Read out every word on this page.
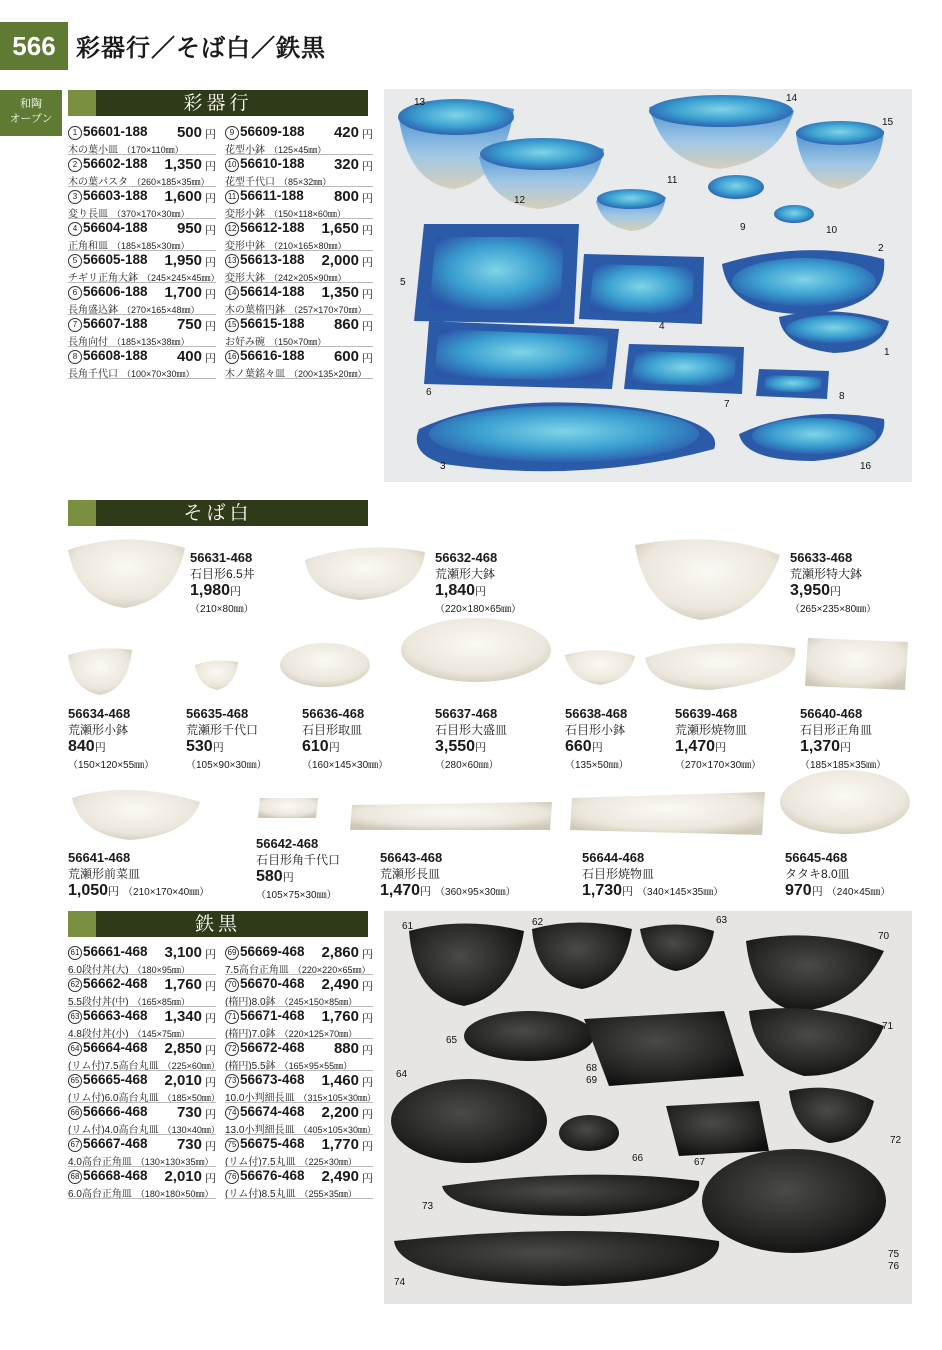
566 彩器行／そば白／鉄黒
和陶
オープン
彩器行
1 56601-188 500 円
木の葉小皿 （170×110㎜）
2 56602-188 1,350 円
木の葉パスタ （260×185×35㎜）
3 56603-188 1,600 円
変り長皿 （370×170×30㎜）
4 56604-188 950 円
正角和皿 （185×185×30㎜）
5 56605-188 1,950 円
チギリ正角大鉢 （245×245×45㎜）
6 56606-188 1,700 円
長角盛込鉢 （270×165×48㎜）
7 56607-188 750 円
長角向付 （185×135×38㎜）
8 56608-188 400 円
長角千代口 （100×70×30㎜）
9 56609-188 420 円
花型小鉢 （125×45㎜）
10 56610-188 320 円
花型千代口 （85×32㎜）
11 56611-188 800 円
変形小鉢 （150×118×60㎜）
12 56612-188 1,650 円
変形中鉢 （210×165×80㎜）
13 56613-188 2,000 円
変形大鉢 （242×205×90㎜）
14 56614-188 1,350 円
木の葉楕円鉢 （257×170×70㎜）
15 56615-188 860 円
お好み碗 （150×70㎜）
16 56616-188 600 円
木ノ葉銘々皿 （200×135×20㎜）
13	14
15
12
11
9	10
5
2
4
1
6
7
8
3	16
そば白
56631-468
石目形6.5丼
1,980円
（210×80㎜）
56632-468
荒瀬形大鉢
1,840円
（220×180×65㎜）
56633-468
荒瀬形特大鉢
3,950円
（265×235×80㎜）
56634-468
荒瀬形小鉢
840円
（150×120×55㎜）
56635-468
荒瀬形千代口
530円
（105×90×30㎜）
56636-468
石目形取皿
610円
（160×145×30㎜）
56637-468
石目形大盛皿
3,550円
（280×60㎜）
56638-468
石目形小鉢
660円
（135×50㎜）
56639-468
荒瀬形焼物皿
1,470円
（270×170×30㎜）
56640-468
石目形正角皿
1,370円
（185×185×35㎜）
56641-468
荒瀬形前菜皿
1,050円 （210×170×40㎜）
56642-468
石目形角千代口
580円
（105×75×30㎜）
56643-468
荒瀬形長皿
1,470円 （360×95×30㎜）
56644-468
石目形焼物皿
1,730円 （340×145×35㎜）
56645-468
タタキ8.0皿
970円 （240×45㎜）
鉄黒
61 56661-468 3,100 円
6.0段付丼(大) （180×95㎜）
62 56662-468 1,760 円
5.5段付丼(中) （165×85㎜）
63 56663-468 1,340 円
4.8段付丼(小) （145×75㎜）
64 56664-468 2,850 円
(リム付)7.5高台丸皿 （225×60㎜）
65 56665-468 2,010 円
(リム付)6.0高台丸皿 （185×50㎜）
66 56666-468 730 円
(リム付)4.0高台丸皿 （130×40㎜）
67 56667-468 730 円
4.0高台正角皿 （130×130×35㎜）
68 56668-468 2,010 円
6.0高台正角皿 （180×180×50㎜）
69 56669-468 2,860 円
7.5高台正角皿 （220×220×65㎜）
70 56670-468 2,490 円
(楕円)8.0鉢 （245×150×85㎜）
71 56671-468 1,760 円
(楕円)7.0鉢 （220×125×70㎜）
72 56672-468 880 円
(楕円)5.5鉢 （165×95×55㎜）
73 56673-468 1,460 円
10.0小判細長皿 （315×105×30㎜）
74 56674-468 2,200 円
13.0小判細長皿 （405×105×30㎜）
75 56675-468 1,770 円
(リム付)7.5丸皿 （225×30㎜）
76 56676-468 2,490 円
(リム付)8.5丸皿 （255×35㎜）
61	62	63
70
65
71
68
69
64
66	67
72
73
75
76
74
